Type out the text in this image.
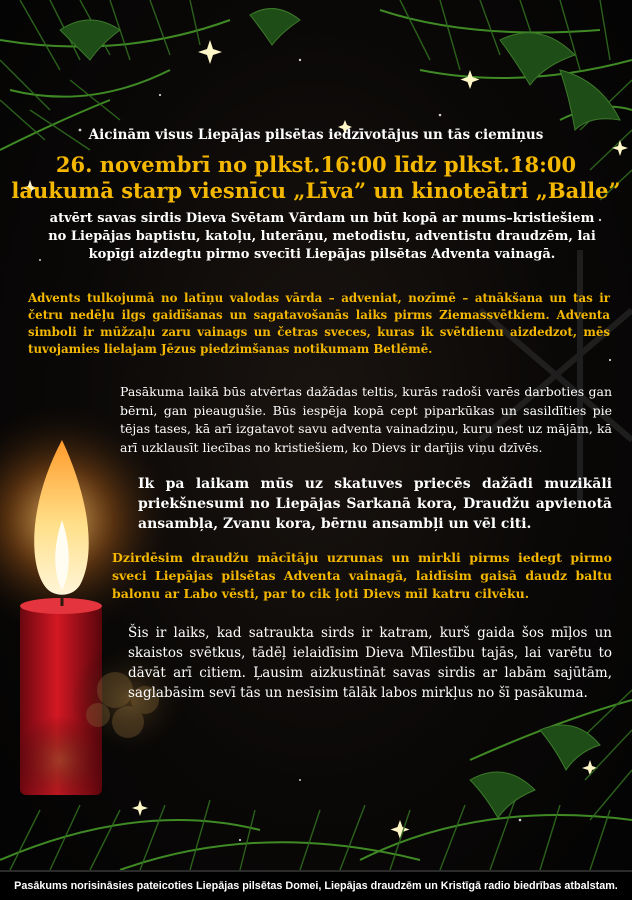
Aicinām visus Liepājas pilsētas iedzīvotājus un tās ciemiņus
26. novembrī no plkst.16:00 līdz plkst.18:00
laukumā starp viesnīcu „Līva” un kinoteātri „Balle”
atvērt savas sirdis Dieva Svētam Vārdam un būt kopā ar mums–kristiešiem no Liepājas baptistu, katoļu, luterāņu, metodistu, adventistu draudzēm, lai kopīgi aizdegtu pirmo svecīti Liepājas pilsētas Adventa vainagā.
Advents tulkojumā no latīņu valodas vārda – adveniat, nozīmē – atnākšana un tas ir četru nedēļu ilgs gaidīšanas un sagatavošanās laiks pirms Ziemassvētkiem. Adventa simboli ir mūžzaļu zaru vainags un četras sveces, kuras ik svētdienu aizdedzot, mēs tuvojamies lielajam Jēzus piedzimšanas notikumam Betlēmē.
Pasākuma laikā būs atvērtas dažādas teltis, kurās radoši varēs darboties gan bērni, gan pieaugušie. Būs iespēja kopā cept piparkūkas un sasildīties pie tējas tases, kā arī izgatavot savu adventa vainadziņu, kuru nest uz mājām, kā arī uzklausīt liecības no kristiešiem, ko Dievs ir darījis viņu dzīvēs.
Ik pa laikam mūs uz skatuves priecēs dažādi muzikāli priekšnesumi no Liepājas Sarkanā kora, Draudžu apvienotā ansambļa, Zvanu kora, bērnu ansambļi un vēl citi.
Dzirdēsim draudžu mācītāju uzrunas un mirkli pirms iedegt pirmo sveci Liepājas pilsētas Adventa vainagā, laidīsim gaisā daudz baltu balonu ar Labo vēsti, par to cik ļoti Dievs mīl katru cilvēku.
Šis ir laiks, kad satraukta sirds ir katram, kurš gaida šos mīļos un skaistos svētkus, tādēļ ielaidīsim Dieva Mīlestību tajās, lai varētu to dāvāt arī citiem. Ļausim aizkustināt savas sirdis ar labām sajūtām, saglabāsim sevī tās un nesīsim tālāk labos mirkļus no šī pasākuma.
Pasākums norisināsies pateicoties Liepājas pilsētas Domei, Liepājas draudzēm un Kristīgā radio biedrības atbalstam.
